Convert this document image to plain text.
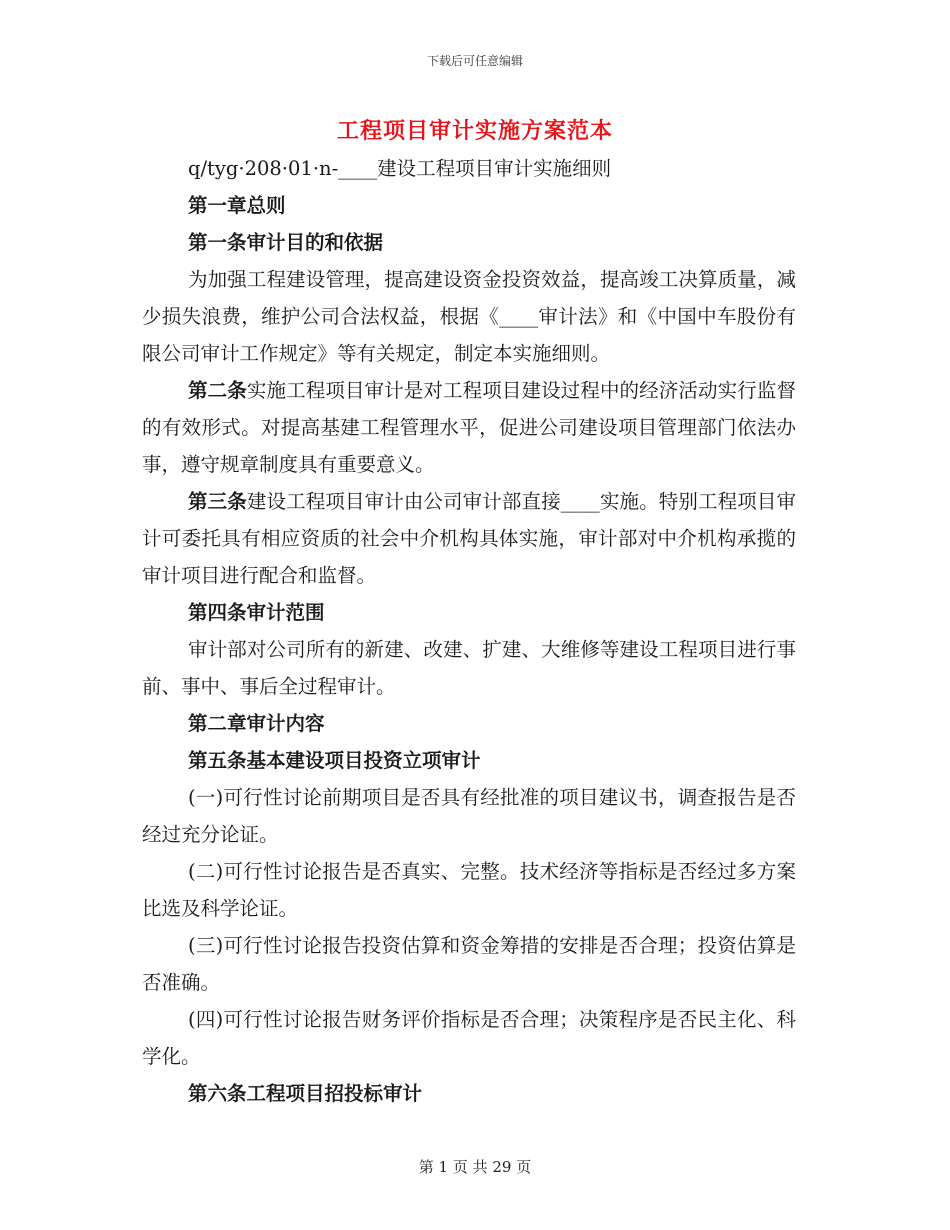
下载后可任意编辑
工程项目审计实施方案范本

q/tyg·208·01·n-____建设工程项目审计实施细则

第一章总则

第一条审计目的和依据

为加强工程建设管理，提高建设资金投资效益，提高竣工决算质量，减少损失浪费，维护公司合法权益，根据《____审计法》和《中国中车股份有限公司审计工作规定》等有关规定，制定本实施细则。

第二条实施工程项目审计是对工程项目建设过程中的经济活动实行监督的有效形式。对提高基建工程管理水平，促进公司建设项目管理部门依法办事，遵守规章制度具有重要意义。

第三条建设工程项目审计由公司审计部直接____实施。特别工程项目审计可委托具有相应资质的社会中介机构具体实施，审计部对中介机构承揽的审计项目进行配合和监督。

第四条审计范围

审计部对公司所有的新建、改建、扩建、大维修等建设工程项目进行事前、事中、事后全过程审计。

第二章审计内容

第五条基本建设项目投资立项审计

(一)可行性讨论前期项目是否具有经批准的项目建议书，调查报告是否经过充分论证。

(二)可行性讨论报告是否真实、完整。技术经济等指标是否经过多方案比选及科学论证。

(三)可行性讨论报告投资估算和资金筹措的安排是否合理；投资估算是否准确。

(四)可行性讨论报告财务评价指标是否合理；决策程序是否民主化、科学化。

第六条工程项目招投标审计

第 1 页 共 29 页
